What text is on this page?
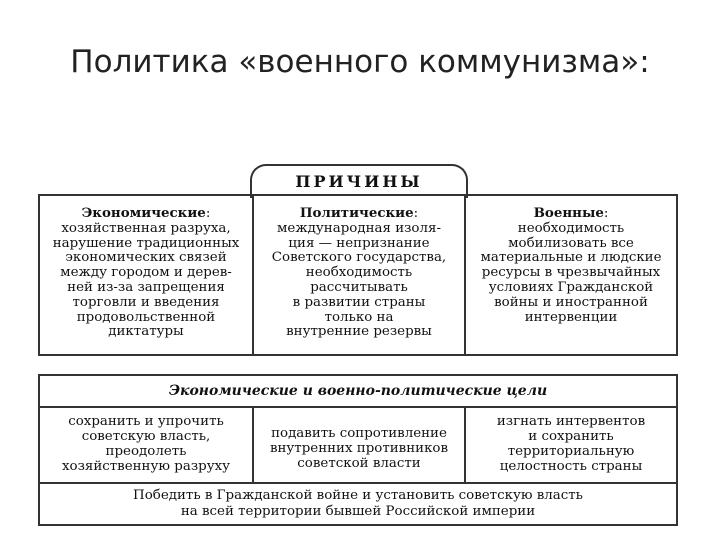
Политика «военного коммунизма»:
ПРИЧИНЫ
Экономические:
хозяйственная разруха,
нарушение традиционных
экономических связей
между городом и дерев-
ней из-за запрещения
торговли и введения
продовольственной
диктатуры
Политические:
международная изоля-
ция — непризнание
Советского государства,
необходимость
рассчитывать
в развитии страны
только на
внутренние резервы
Военные:
необходимость
мобилизовать все
материальные и людские
ресурсы в чрезвычайных
условиях Гражданской
войны и иностранной
интервенции
Экономические и военно-политические цели
сохранить и упрочить
советскую власть,
преодолеть
хозяйственную разруху
подавить сопротивление
внутренних противников
советской власти
изгнать интервентов
и сохранить
территориальную
целостность страны
Победить в Гражданской войне и установить советскую власть
на всей территории бывшей Российской империи
